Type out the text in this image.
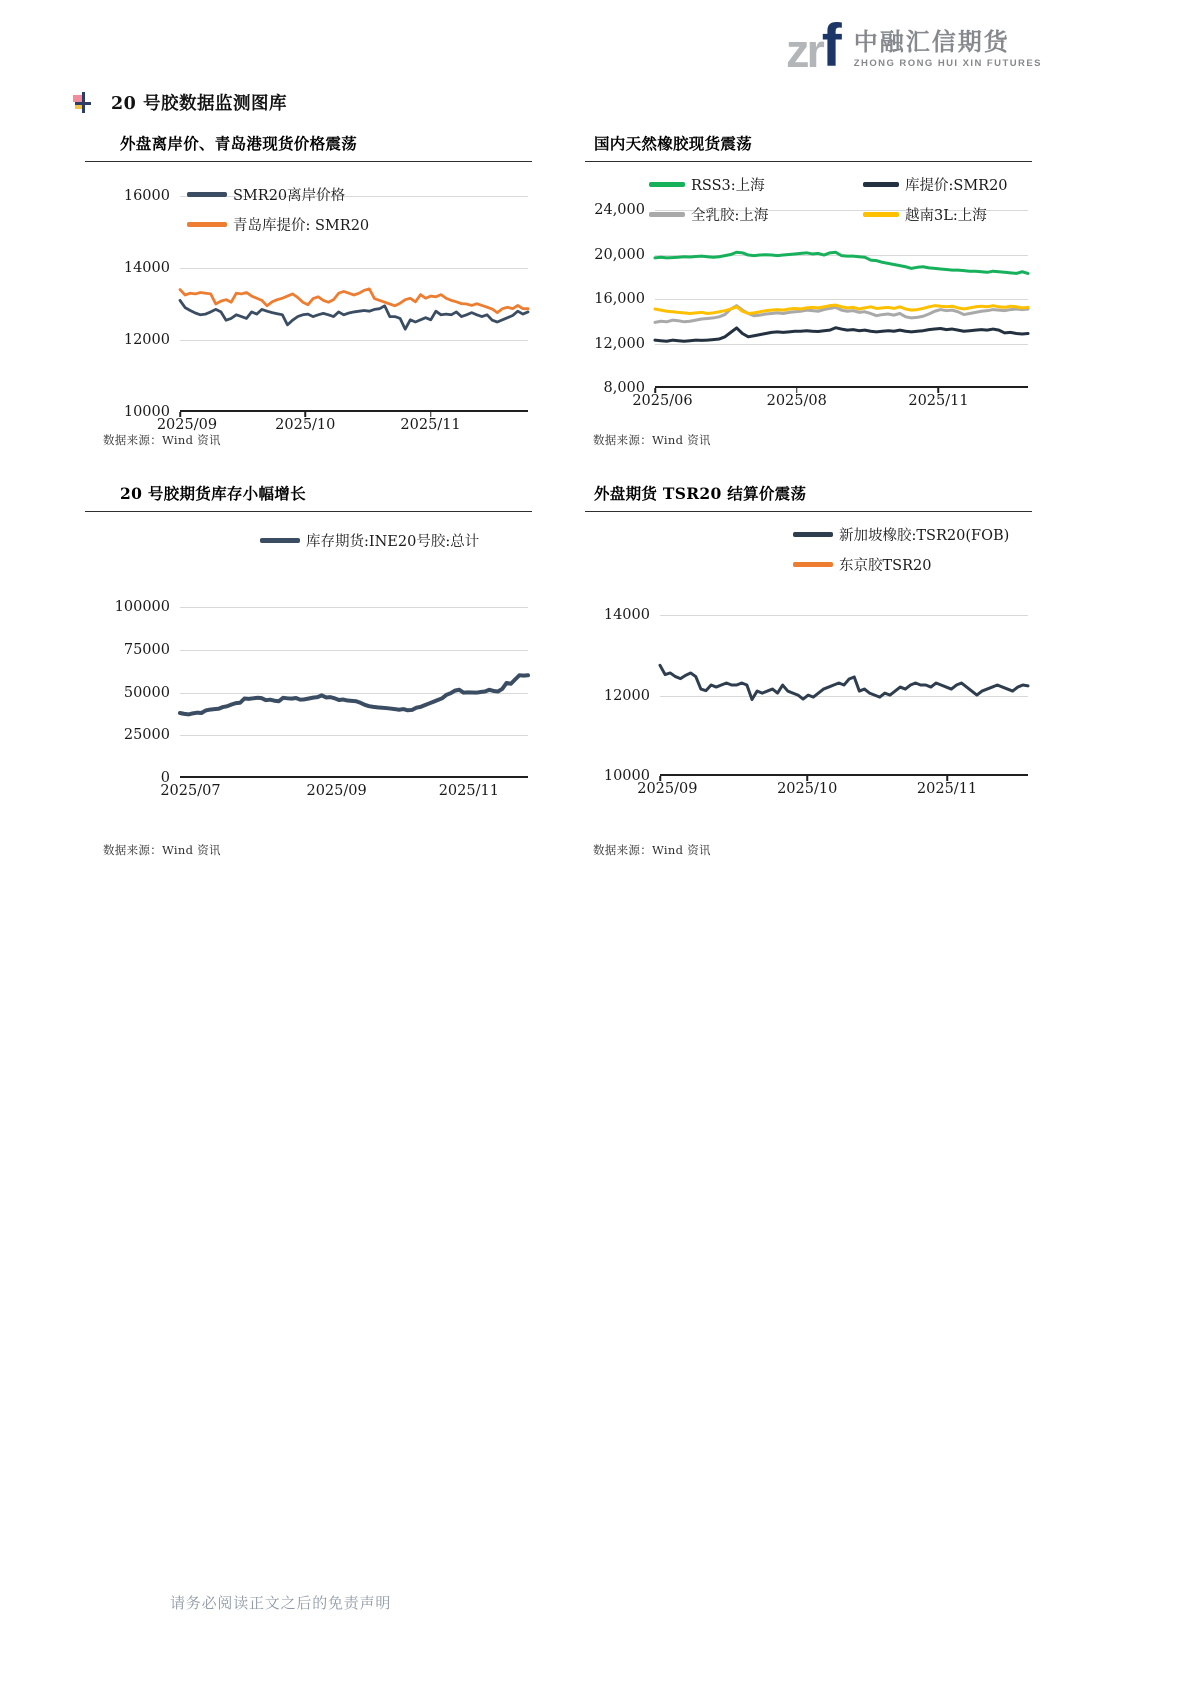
zr f 中融汇信期货
ZHONG RONG HUI XIN FUTURES
20 号胶数据监测图库
外盘离岸价、青岛港现货价格震荡
SMR20离岸价格
青岛库提价: SMR20
16000
14000
12000
10000
2025/09	2025/10	2025/11
数据来源：Wind 资讯
国内天然橡胶现货震荡
RSS3:上海	库提价:SMR20
全乳胶:上海	越南3L:上海
24,000
20,000
16,000
12,000
8,000
2025/06	2025/08	2025/11
数据来源：Wind 资讯
20 号胶期货库存小幅增长
库存期货:INE20号胶:总计
100000
75000
50000
25000
0
2025/07	2025/09	2025/11
数据来源：Wind 资讯
外盘期货 TSR20 结算价震荡
新加坡橡胶:TSR20(FOB)
东京胶TSR20
14000
12000
10000
2025/09	2025/10	2025/11
数据来源：Wind 资讯
请务必阅读正文之后的免责声明
